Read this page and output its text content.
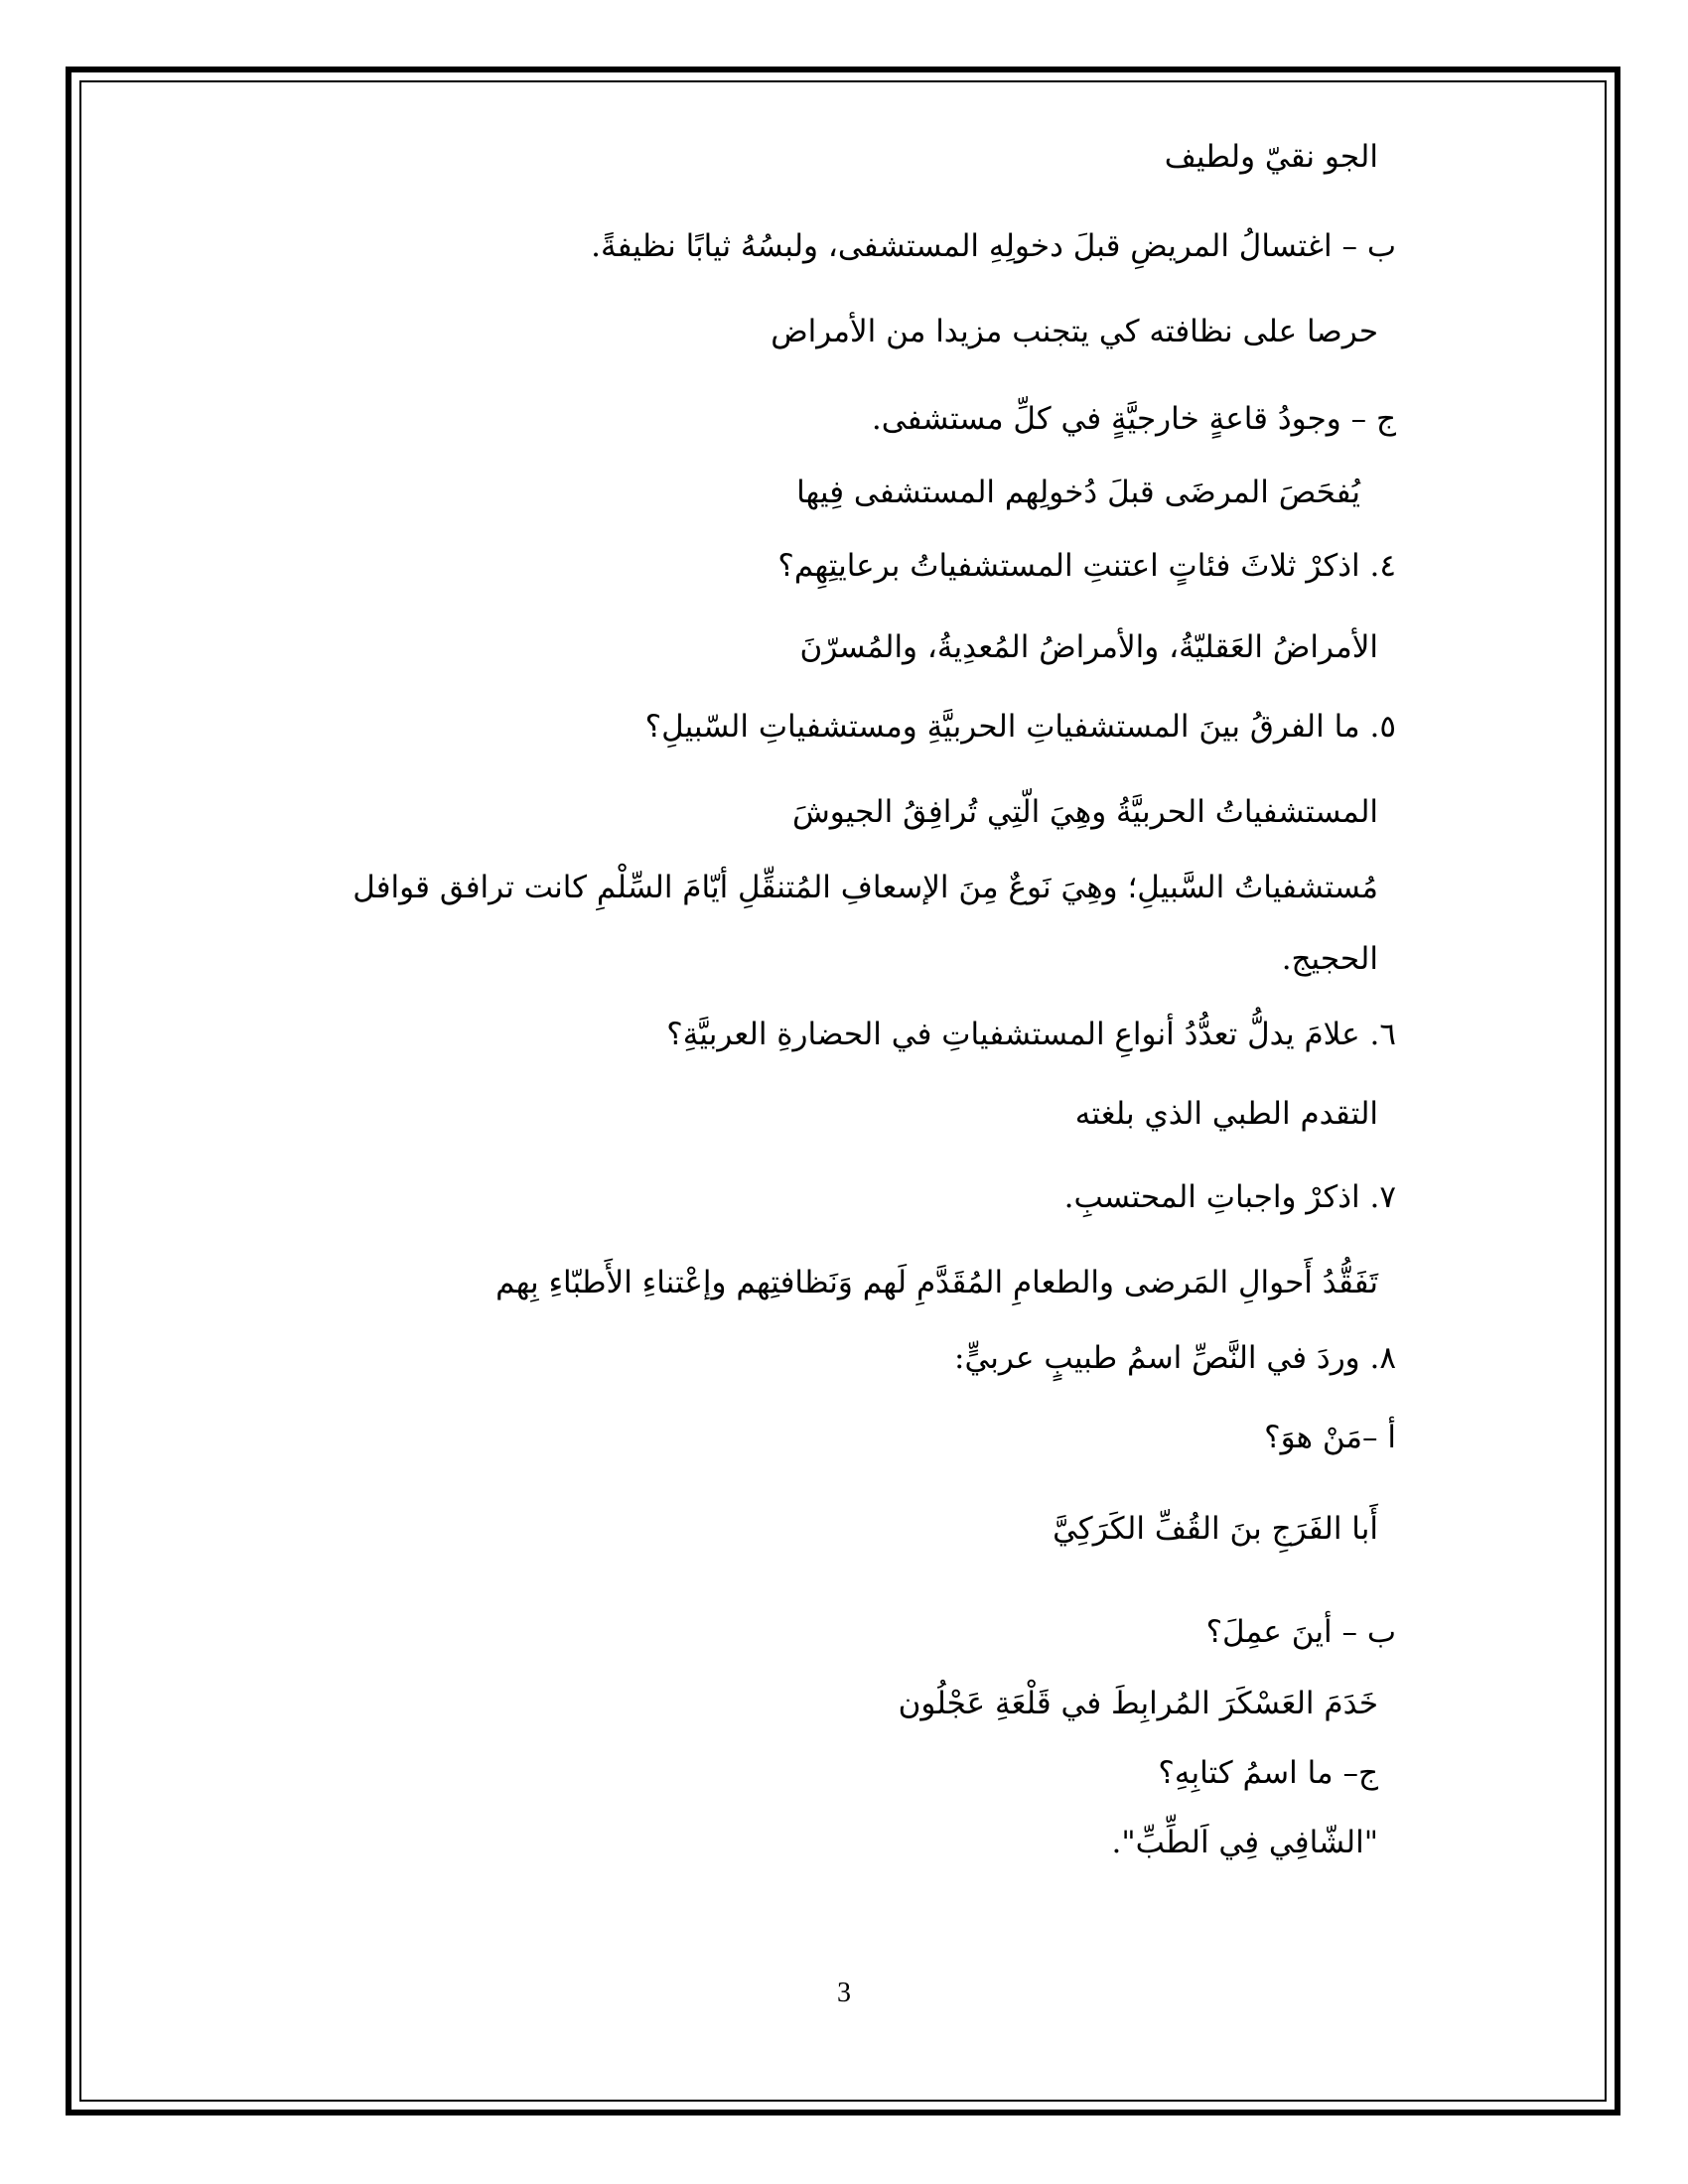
الجو نقيّ ولطيف
ب – اغتسالُ المريضِ قبلَ دخولِهِ المستشفى، ولبسُهُ ثيابًا نظيفةً.
حرصا على نظافته كي يتجنب مزيدا من الأمراض
ج – وجودُ قاعةٍ خارجيَّةٍ في كلِّ مستشفى.
يُفحَصَ المرضَى قبلَ دُخولِهم المستشفى فِيها
٤. اذكرْ ثلاثَ فئاتٍ اعتنتِ المستشفياتُ برعايتِهِم؟
الأمراضُ العَقليّةُ، والأمراضُ المُعدِيةُ، والمُسرّنَ
٥. ما الفرقُ بينَ المستشفياتِ الحربيَّةِ ومستشفياتِ السّبيلِ؟
المستشفياتُ الحربيَّةُ وهِيَ الّتِي تُرافِقُ الجيوشَ
مُستشفياتُ السَّبيلِ؛ وهِيَ نَوعٌ مِنَ الإسعافِ المُتنقِّلِ أيّامَ السِّلْمِ كانت ترافق قوافل
الحجيج.
٦. علامَ يدلُّ تعدُّدُ أنواعِ المستشفياتِ في الحضارةِ العربيَّةِ؟
التقدم الطبي الذي بلغته
٧. اذكرْ واجباتِ المحتسبِ.
تَفَقُّدُ أَحوالِ المَرضى والطعامِ المُقَدَّمِ لَهم وَنَظافتِهم وإعْتناءِ الأَطبّاءِ بِهم
٨. وردَ في النَّصِّ اسمُ طبيبٍ عربيٍّ:
أ –مَنْ هوَ؟
أَبا الفَرَجِ بنَ القُفِّ الكَرَكِيَّ
ب – أينَ عمِلَ؟
خَدَمَ العَسْكَرَ المُرابِطَ في قَلْعَةِ عَجْلُون
ج– ما اسمُ كتابِهِ؟
"الشّافِي فِي اَلطِّبِّ".
3
